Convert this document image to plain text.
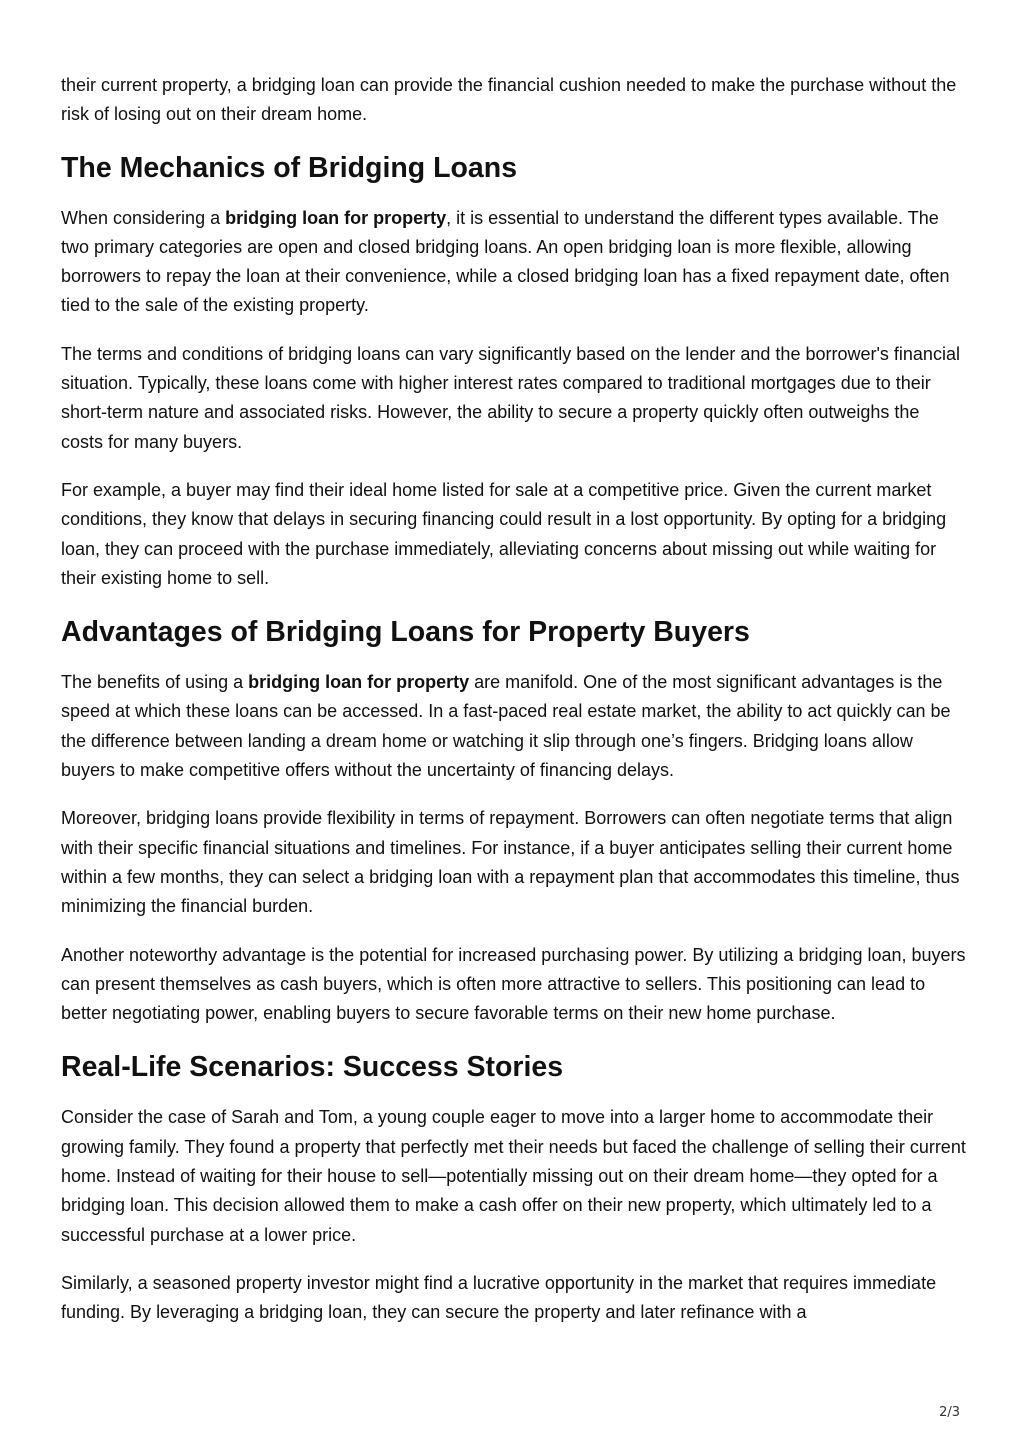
their current property, a bridging loan can provide the financial cushion needed to make the purchase without the risk of losing out on their dream home.

The Mechanics of Bridging Loans

When considering a bridging loan for property, it is essential to understand the different types available. The two primary categories are open and closed bridging loans. An open bridging loan is more flexible, allowing borrowers to repay the loan at their convenience, while a closed bridging loan has a fixed repayment date, often tied to the sale of the existing property.

The terms and conditions of bridging loans can vary significantly based on the lender and the borrower's financial situation. Typically, these loans come with higher interest rates compared to traditional mortgages due to their short-term nature and associated risks. However, the ability to secure a property quickly often outweighs the costs for many buyers.

For example, a buyer may find their ideal home listed for sale at a competitive price. Given the current market conditions, they know that delays in securing financing could result in a lost opportunity. By opting for a bridging loan, they can proceed with the purchase immediately, alleviating concerns about missing out while waiting for their existing home to sell.

Advantages of Bridging Loans for Property Buyers

The benefits of using a bridging loan for property are manifold. One of the most significant advantages is the speed at which these loans can be accessed. In a fast-paced real estate market, the ability to act quickly can be the difference between landing a dream home or watching it slip through one’s fingers. Bridging loans allow buyers to make competitive offers without the uncertainty of financing delays.

Moreover, bridging loans provide flexibility in terms of repayment. Borrowers can often negotiate terms that align with their specific financial situations and timelines. For instance, if a buyer anticipates selling their current home within a few months, they can select a bridging loan with a repayment plan that accommodates this timeline, thus minimizing the financial burden.

Another noteworthy advantage is the potential for increased purchasing power. By utilizing a bridging loan, buyers can present themselves as cash buyers, which is often more attractive to sellers. This positioning can lead to better negotiating power, enabling buyers to secure favorable terms on their new home purchase.

Real-Life Scenarios: Success Stories

Consider the case of Sarah and Tom, a young couple eager to move into a larger home to accommodate their growing family. They found a property that perfectly met their needs but faced the challenge of selling their current home. Instead of waiting for their house to sell—potentially missing out on their dream home—they opted for a bridging loan. This decision allowed them to make a cash offer on their new property, which ultimately led to a successful purchase at a lower price.

Similarly, a seasoned property investor might find a lucrative opportunity in the market that requires immediate funding. By leveraging a bridging loan, they can secure the property and later refinance with a

2/3
